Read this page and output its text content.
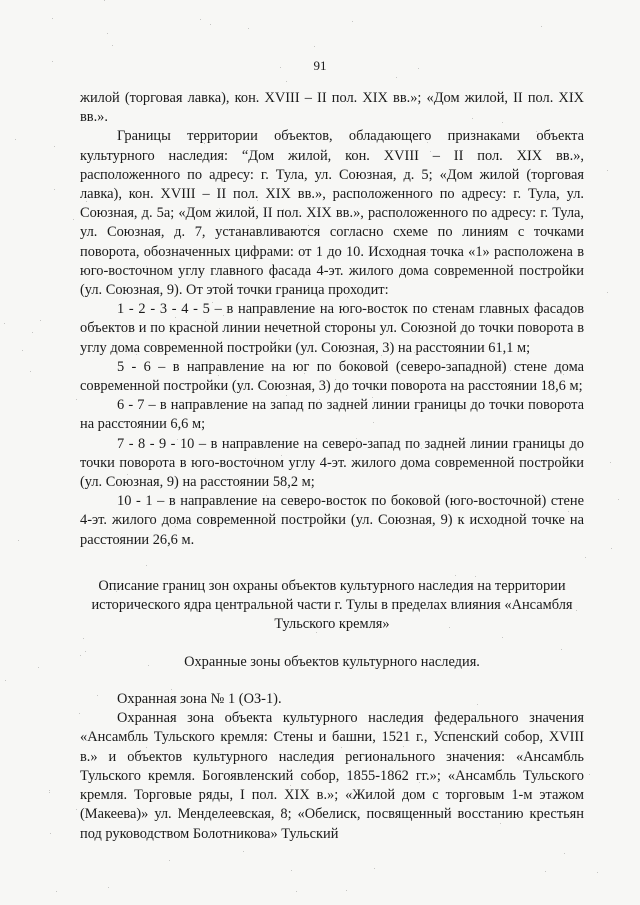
91

жилой (торговая лавка), кон. XVIII – II пол. XIX вв.»; «Дом жилой, II пол. XIX вв.».

Границы территории объектов, обладающего признаками объекта культурного наследия: “Дом жилой, кон. XVIII – II пол. XIX вв.», расположенного по адресу: г. Тула, ул. Союзная, д. 5; «Дом жилой (торговая лавка), кон. XVIII – II пол. XIX вв.», расположенного по адресу: г. Тула, ул. Союзная, д. 5а; «Дом жилой, II пол. XIX вв.», расположенного по адресу: г. Тула, ул. Союзная, д. 7, устанавливаются согласно схеме по линиям с точками поворота, обозначенных цифрами: от 1 до 10. Исходная точка «1» расположена в юго-восточном углу главного фасада 4-эт. жилого дома современной постройки (ул. Союзная, 9). От этой точки граница проходит:

1 - 2 - 3 - 4 - 5 – в направление на юго-восток по стенам главных фасадов объектов и по красной линии нечетной стороны ул. Союзной до точки поворота в углу дома современной постройки (ул. Союзная, 3) на расстоянии 61,1 м;

5 - 6 – в направление на юг по боковой (северо-западной) стене дома современной постройки (ул. Союзная, 3) до точки поворота на расстоянии 18,6 м;

6 - 7 – в направление на запад по задней линии границы до точки поворота на расстоянии 6,6 м;

7 - 8 - 9 - 10 – в направление на северо-запад по задней линии границы до точки поворота в юго-восточном углу 4-эт. жилого дома современной постройки (ул. Союзная, 9) на расстоянии 58,2 м;

10 - 1 – в направление на северо-восток по боковой (юго-восточной) стене 4-эт. жилого дома современной постройки (ул. Союзная, 9) к исходной точке на расстоянии 26,6 м.

Описание границ зон охраны объектов культурного наследия на территории исторического ядра центральной части г. Тулы в пределах влияния «Ансамбля Тульского кремля»

Охранные зоны объектов культурного наследия.

Охранная зона № 1 (ОЗ-1).

Охранная зона объекта культурного наследия федерального значения «Ансамбль Тульского кремля: Стены и башни, 1521 г., Успенский собор, XVIII в.» и объектов культурного наследия регионального значения: «Ансамбль Тульского кремля. Богоявленский собор, 1855-1862 гг.»; «Ансамбль Тульского кремля. Торговые ряды, I пол. XIX в.»; «Жилой дом с торговым 1-м этажом (Макеева)» ул. Менделеевская, 8; «Обелиск, посвященный восстанию крестьян под руководством Болотникова» Тульский
